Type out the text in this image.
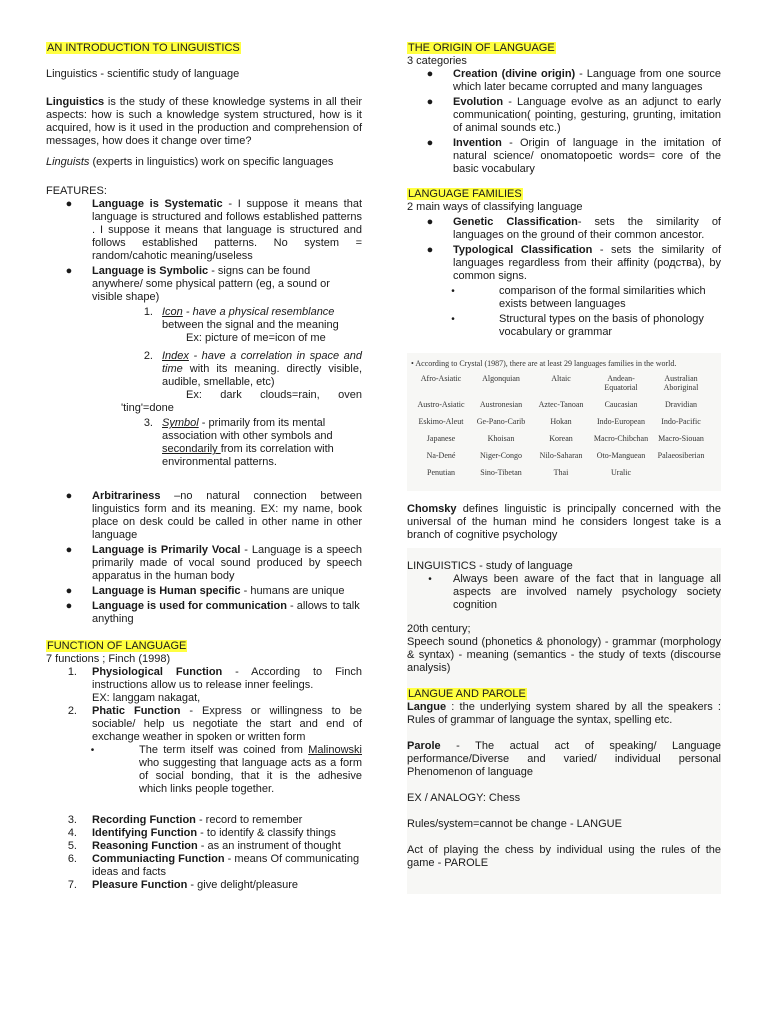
AN INTRODUCTION TO LINGUISTICS

Linguistics - scientific study of language

Linguistics is the study of these knowledge systems in all their aspects: how is such a knowledge system structured, how is it acquired, how is it used in the production and comprehension of messages, how does it change over time?

Linguists (experts in linguistics) work on specific languages

FEATURES:

●	Language is Systematic - I suppose it means that language is structured and follows established patterns . I suppose it means that language is structured and follows established patterns. No system = random/cahotic meaning/useless
●	Language is Symbolic - signs can be found anywhere/ some physical pattern (eg, a sound or visible shape)
1. Icon - have a physical resemblance between the signal and the meaning
Ex: picture of me=icon of me
2. Index - have a correlation in space and time with its meaning. directly visible, audible, smellable, etc)

Ex: dark clouds=rain, oven

'ting'=done

3. Symbol - primarily from its mental association with other symbols and secondarily from its correlation with environmental patterns.
●	Arbitrariness –no natural connection between linguistics form and its meaning. EX: my name, book place on desk could be called in other name in other language
●	Language is Primarily Vocal - Language is a speech primarily made of vocal sound produced by speech apparatus in the human body
●	Language is Human specific - humans are unique
●	Language is used for communication - allows to talk anything

FUNCTION OF LANGUAGE

7 functions ; Finch (1998)

1.	Physiological Function - According to Finch instructions allow us to release inner feelings.
EX: langgam nakagat,
2.	Phatic Function - Express or willingness to be sociable/ help us negotiate the start and end of exchange weather in spoken or written form
•	The term itself was coined from Malinowski who suggesting that language acts as a form of social bonding, that it is the adhesive which links people together.
3.	Recording Function - record to remember
4.	Identifying Function - to identify & classify things
5.	Reasoning Function - as an instrument of thought
6.	Communiacting Function - means Of communicating ideas and facts
7.	Pleasure Function - give delight/pleasure

THE ORIGIN OF LANGUAGE

3 categories

●	Creation (divine origin) - Language from one source which later became corrupted and many languages
●	Evolution - Language evolve as an adjunct to early communication( pointing, gesturing, grunting, imitation of animal sounds etc.)
●	Invention - Origin of language in the imitation of natural science/ onomatopoetic words= core of the basic vocabulary

LANGUAGE FAMILIES

2 main ways of classifying language

●	Genetic Classification- sets the similarity of languages on the ground of their common ancestor.
●	Typological Classification - sets the similarity of languages regardless from their affinity (родства), by common signs.
•	comparison of the formal similarities which exists between languages
•	Structural types on the basis of phonology vocabulary or grammar

• According to Crystal (1987), there are at least 29 languages families in the world.

Afro-Asiatic	Algonquian	Altaic	Andean-Equatorial	Australian Aboriginal
Austro-Asiatic	Austronesian	Aztec-Tanoan	Caucasian	Dravidian
Eskimo-Aleut	Ge-Pano-Carib	Hokan	Indo-European	Indo-Pacific
Japanese	Khoisan	Korean	Macro-Chibchan	Macro-Siouan
Na-Dené	Niger-Congo	Nilo-Saharan	Oto-Manguean	Palaeosiberian
Penutian	Sino-Tibetan	Thai	Uralic	

Chomsky defines linguistic is principally concerned with the universal of the human mind he considers longest take is a branch of cognitive psychology

LINGUISTICS - study of language

•	Always been aware of the fact that in language all aspects are involved namely psychology society cognition

20th century;

Speech sound (phonetics & phonology) - grammar (morphology & syntax) - meaning (semantics - the study of texts (discourse analysis)

LANGUE AND PAROLE

Langue : the underlying system shared by all the speakers : Rules of grammar of language the syntax, spelling etc.

Parole - The actual act of speaking/ Language performance/Diverse and varied/ individual personal Phenomenon of language

EX / ANALOGY: Chess

Rules/system=cannot be change - LANGUE

Act of playing the chess by individual using the rules of the game - PAROLE
